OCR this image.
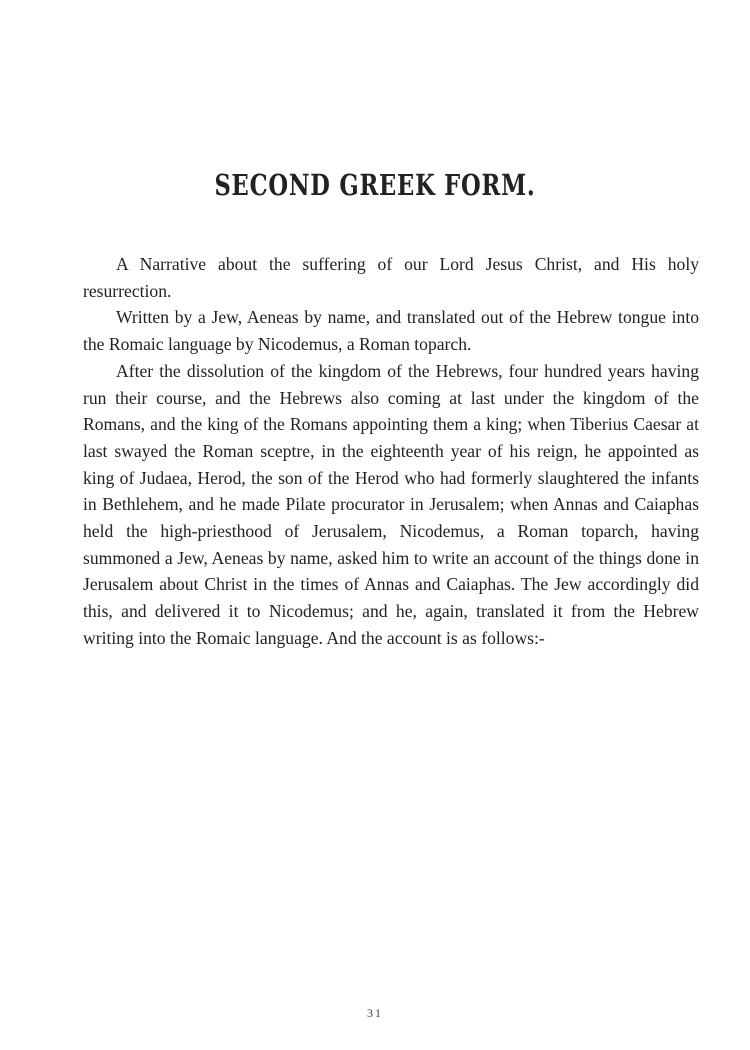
SECOND GREEK FORM.

A Narrative about the suffering of our Lord Jesus Christ, and His holy resurrection.

Written by a Jew, Aeneas by name, and translated out of the Hebrew tongue into the Romaic language by Nicodemus, a Roman toparch.

After the dissolution of the kingdom of the Hebrews, four hundred years having run their course, and the Hebrews also coming at last under the kingdom of the Romans, and the king of the Romans appointing them a king; when Tiberius Caesar at last swayed the Roman sceptre, in the eighteenth year of his reign, he appointed as king of Judaea, Herod, the son of the Herod who had formerly slaughtered the infants in Bethlehem, and he made Pilate procurator in Jerusalem; when Annas and Caiaphas held the high-priesthood of Jerusalem, Nicodemus, a Roman toparch, having summoned a Jew, Aeneas by name, asked him to write an account of the things done in Jerusalem about Christ in the times of Annas and Caiaphas. The Jew accordingly did this, and delivered it to Nicodemus; and he, again, translated it from the Hebrew writing into the Romaic language. And the account is as follows:-

31
